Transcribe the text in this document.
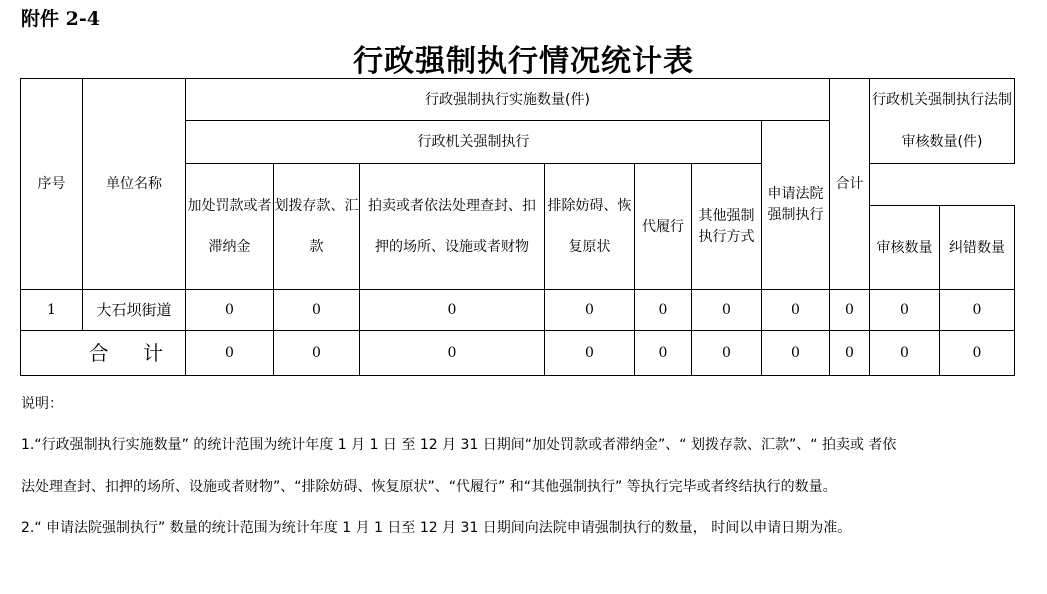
附件 2-4
行政强制执行情况统计表
序号	单位名称	行政强制执行实施数量(件)							合计	行政机关强制执行法制审核数量(件)	
		行政机关强制执行						申请法院强制执行			
		加处罚款或者滞纳金	划拨存款、汇款	拍卖或者依法处理查封、扣押的场所、设施或者财物	排除妨碍、恢复原状	代履行	其他强制执行方式				
										审核数量	纠错数量
1	大石坝街道	0	0	0	0	0	0	0	0	0	0
合 计		0	0	0	0	0	0	0	0	0	0

说明：

1.“行政强制执行实施数量” 的统计范围为统计年度 1 月 1 日 至 12 月 31 日期间“加处罚款或者滞纳金”、“ 划拨存款、汇款”、“ 拍卖或 者依

法处理查封、扣押的场所、设施或者财物”、“排除妨碍、恢复原状”、“代履行” 和“其他强制执行” 等执行完毕或者终结执行的数量。

2.“ 申请法院强制执行” 数量的统计范围为统计年度 1 月 1 日至 12 月 31 日期间向法院申请强制执行的数量， 时间以申请日期为准。
